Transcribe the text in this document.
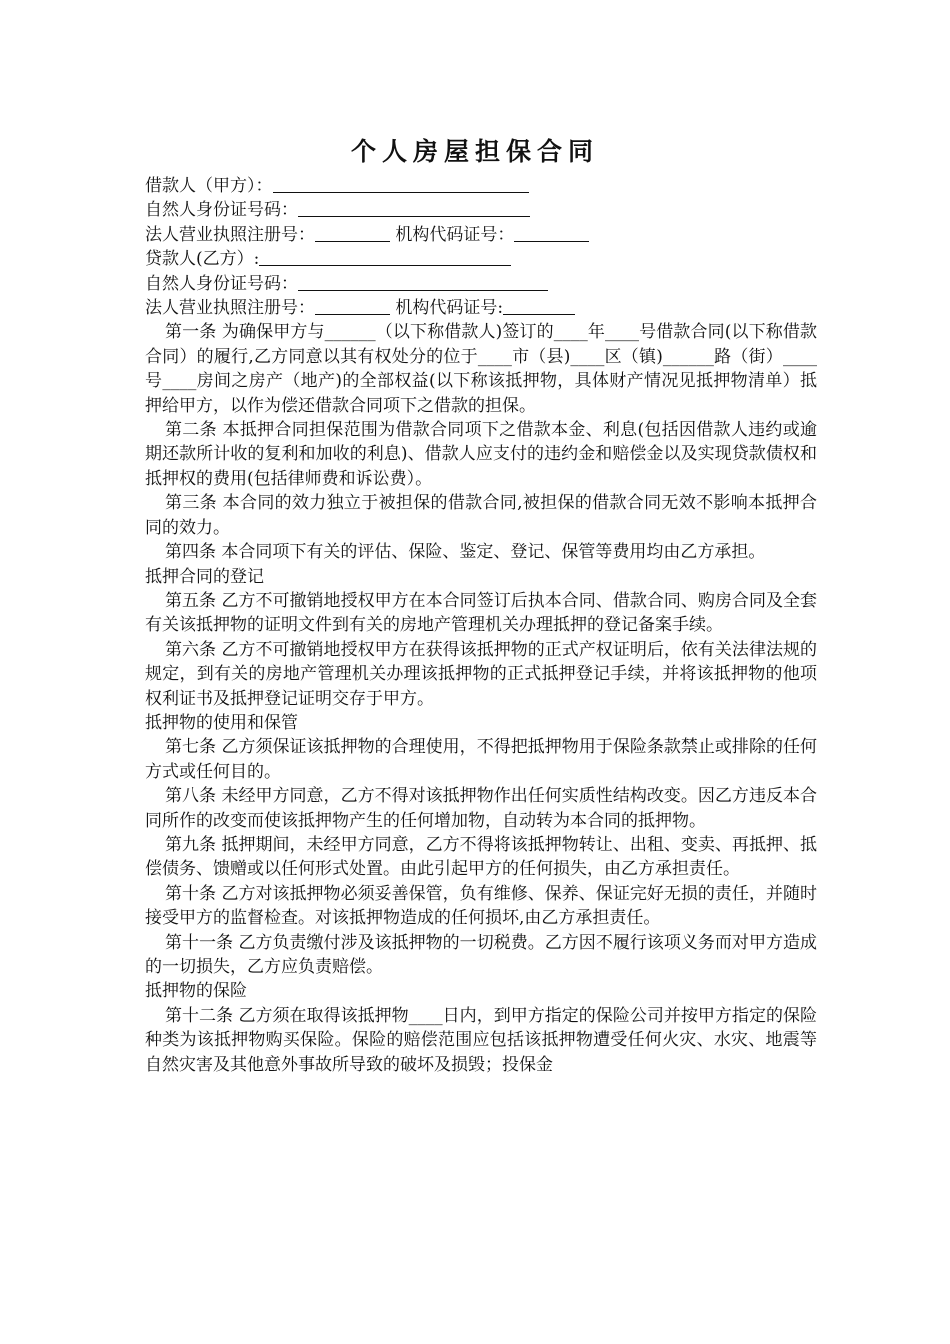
个人房屋担保合同

借款人（甲方）：

自然人身份证号码：

法人营业执照注册号：	机构代码证号：

贷款人(乙方）:

自然人身份证号码：

法人营业执照注册号：	机构代码证号:

第一条 为确保甲方与______（以下称借款人)签订的____年____号借款合同(以下称借款合同）的履行,乙方同意以其有权处分的位于____市（县)____区（镇)______路（街）____号____房间之房产（地产)的全部权益(以下称该抵押物，具体财产情况见抵押物清单）抵押给甲方，以作为偿还借款合同项下之借款的担保。

第二条 本抵押合同担保范围为借款合同项下之借款本金、利息(包括因借款人违约或逾期还款所计收的复利和加收的利息)、借款人应支付的违约金和赔偿金以及实现贷款债权和抵押权的费用(包括律师费和诉讼费）。

第三条 本合同的效力独立于被担保的借款合同,被担保的借款合同无效不影响本抵押合同的效力。

第四条 本合同项下有关的评估、保险、鉴定、登记、保管等费用均由乙方承担。

抵押合同的登记

第五条 乙方不可撤销地授权甲方在本合同签订后执本合同、借款合同、购房合同及全套有关该抵押物的证明文件到有关的房地产管理机关办理抵押的登记备案手续。

第六条 乙方不可撤销地授权甲方在获得该抵押物的正式产权证明后，依有关法律法规的规定，到有关的房地产管理机关办理该抵押物的正式抵押登记手续，并将该抵押物的他项权利证书及抵押登记证明交存于甲方。

抵押物的使用和保管

第七条 乙方须保证该抵押物的合理使用，不得把抵押物用于保险条款禁止或排除的任何方式或任何目的。

第八条 未经甲方同意，乙方不得对该抵押物作出任何实质性结构改变。因乙方违反本合同所作的改变而使该抵押物产生的任何增加物，自动转为本合同的抵押物。

第九条 抵押期间，未经甲方同意，乙方不得将该抵押物转让、出租、变卖、再抵押、抵偿债务、馈赠或以任何形式处置。由此引起甲方的任何损失，由乙方承担责任。

第十条 乙方对该抵押物必须妥善保管，负有维修、保养、保证完好无损的责任，并随时接受甲方的监督检查。对该抵押物造成的任何损坏,由乙方承担责任。

第十一条 乙方负责缴付涉及该抵押物的一切税费。乙方因不履行该项义务而对甲方造成的一切损失，乙方应负责赔偿。

抵押物的保险

第十二条 乙方须在取得该抵押物____日内，到甲方指定的保险公司并按甲方指定的保险种类为该抵押物购买保险。保险的赔偿范围应包括该抵押物遭受任何火灾、水灾、地震等自然灾害及其他意外事故所导致的破坏及损毁；投保金
